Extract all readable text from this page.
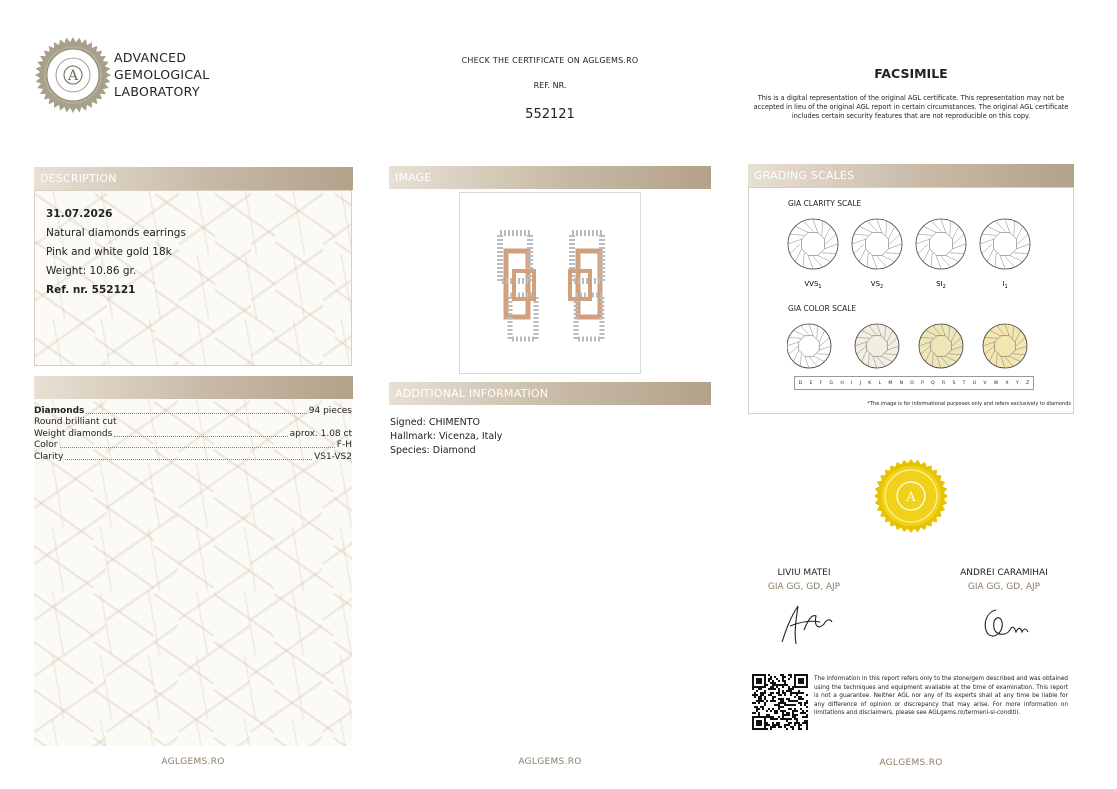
A
ADVANCED
GEMOLOGICAL
LABORATORY
CHECK THE CERTIFICATE ON AGLGEMS.RO
REF. NR.
552121
FACSIMILE
This is a digital representation of the original AGL certificate. This representation may not be accepted in lieu of the original AGL report in certain circumstances. The original AGL certificate includes certain security features that are not reproducible on this copy.
DESCRIPTION
31.07.2026
Natural diamonds earrings
Pink and white gold 18k
Weight: 10.86 gr.
Ref. nr. 552121
Diamonds	94 pieces
Round brilliant cut
Weight diamonds	aprox. 1.08 ct
Color	F-H
Clarity	VS1-VS2
AGLGEMS.RO
IMAGE
ADDITIONAL INFORMATION
Signed: CHIMENTO
Hallmark: Vicenza, Italy
Species: Diamond
AGLGEMS.RO
GRADING SCALES
GIA CLARITY SCALE
$VVS_1$	$VS_2$	$SI_2$	$I_1$
GIA COLOR SCALE
D E F G H I J K L M N O P Q R S T U V W X Y Z
*The image is for informational purposes only and refers exclusively to diamonds
A
LIVIU MATEI
GIA GG, GD, AJP
ANDREI CARAMIHAI
GIA GG, GD, AJP
The information in this report refers only to the stone/gem described and was obtained using the techniques and equipment available at the time of examination. This report is not a guarantee. Neither AGL nor any of its experts shall at any time be liable for any difference of opinion or discrepancy that may arise. For more information on limitations and disclaimers, please see AGLgems.ro/termeni-si-conditii.
AGLGEMS.RO
